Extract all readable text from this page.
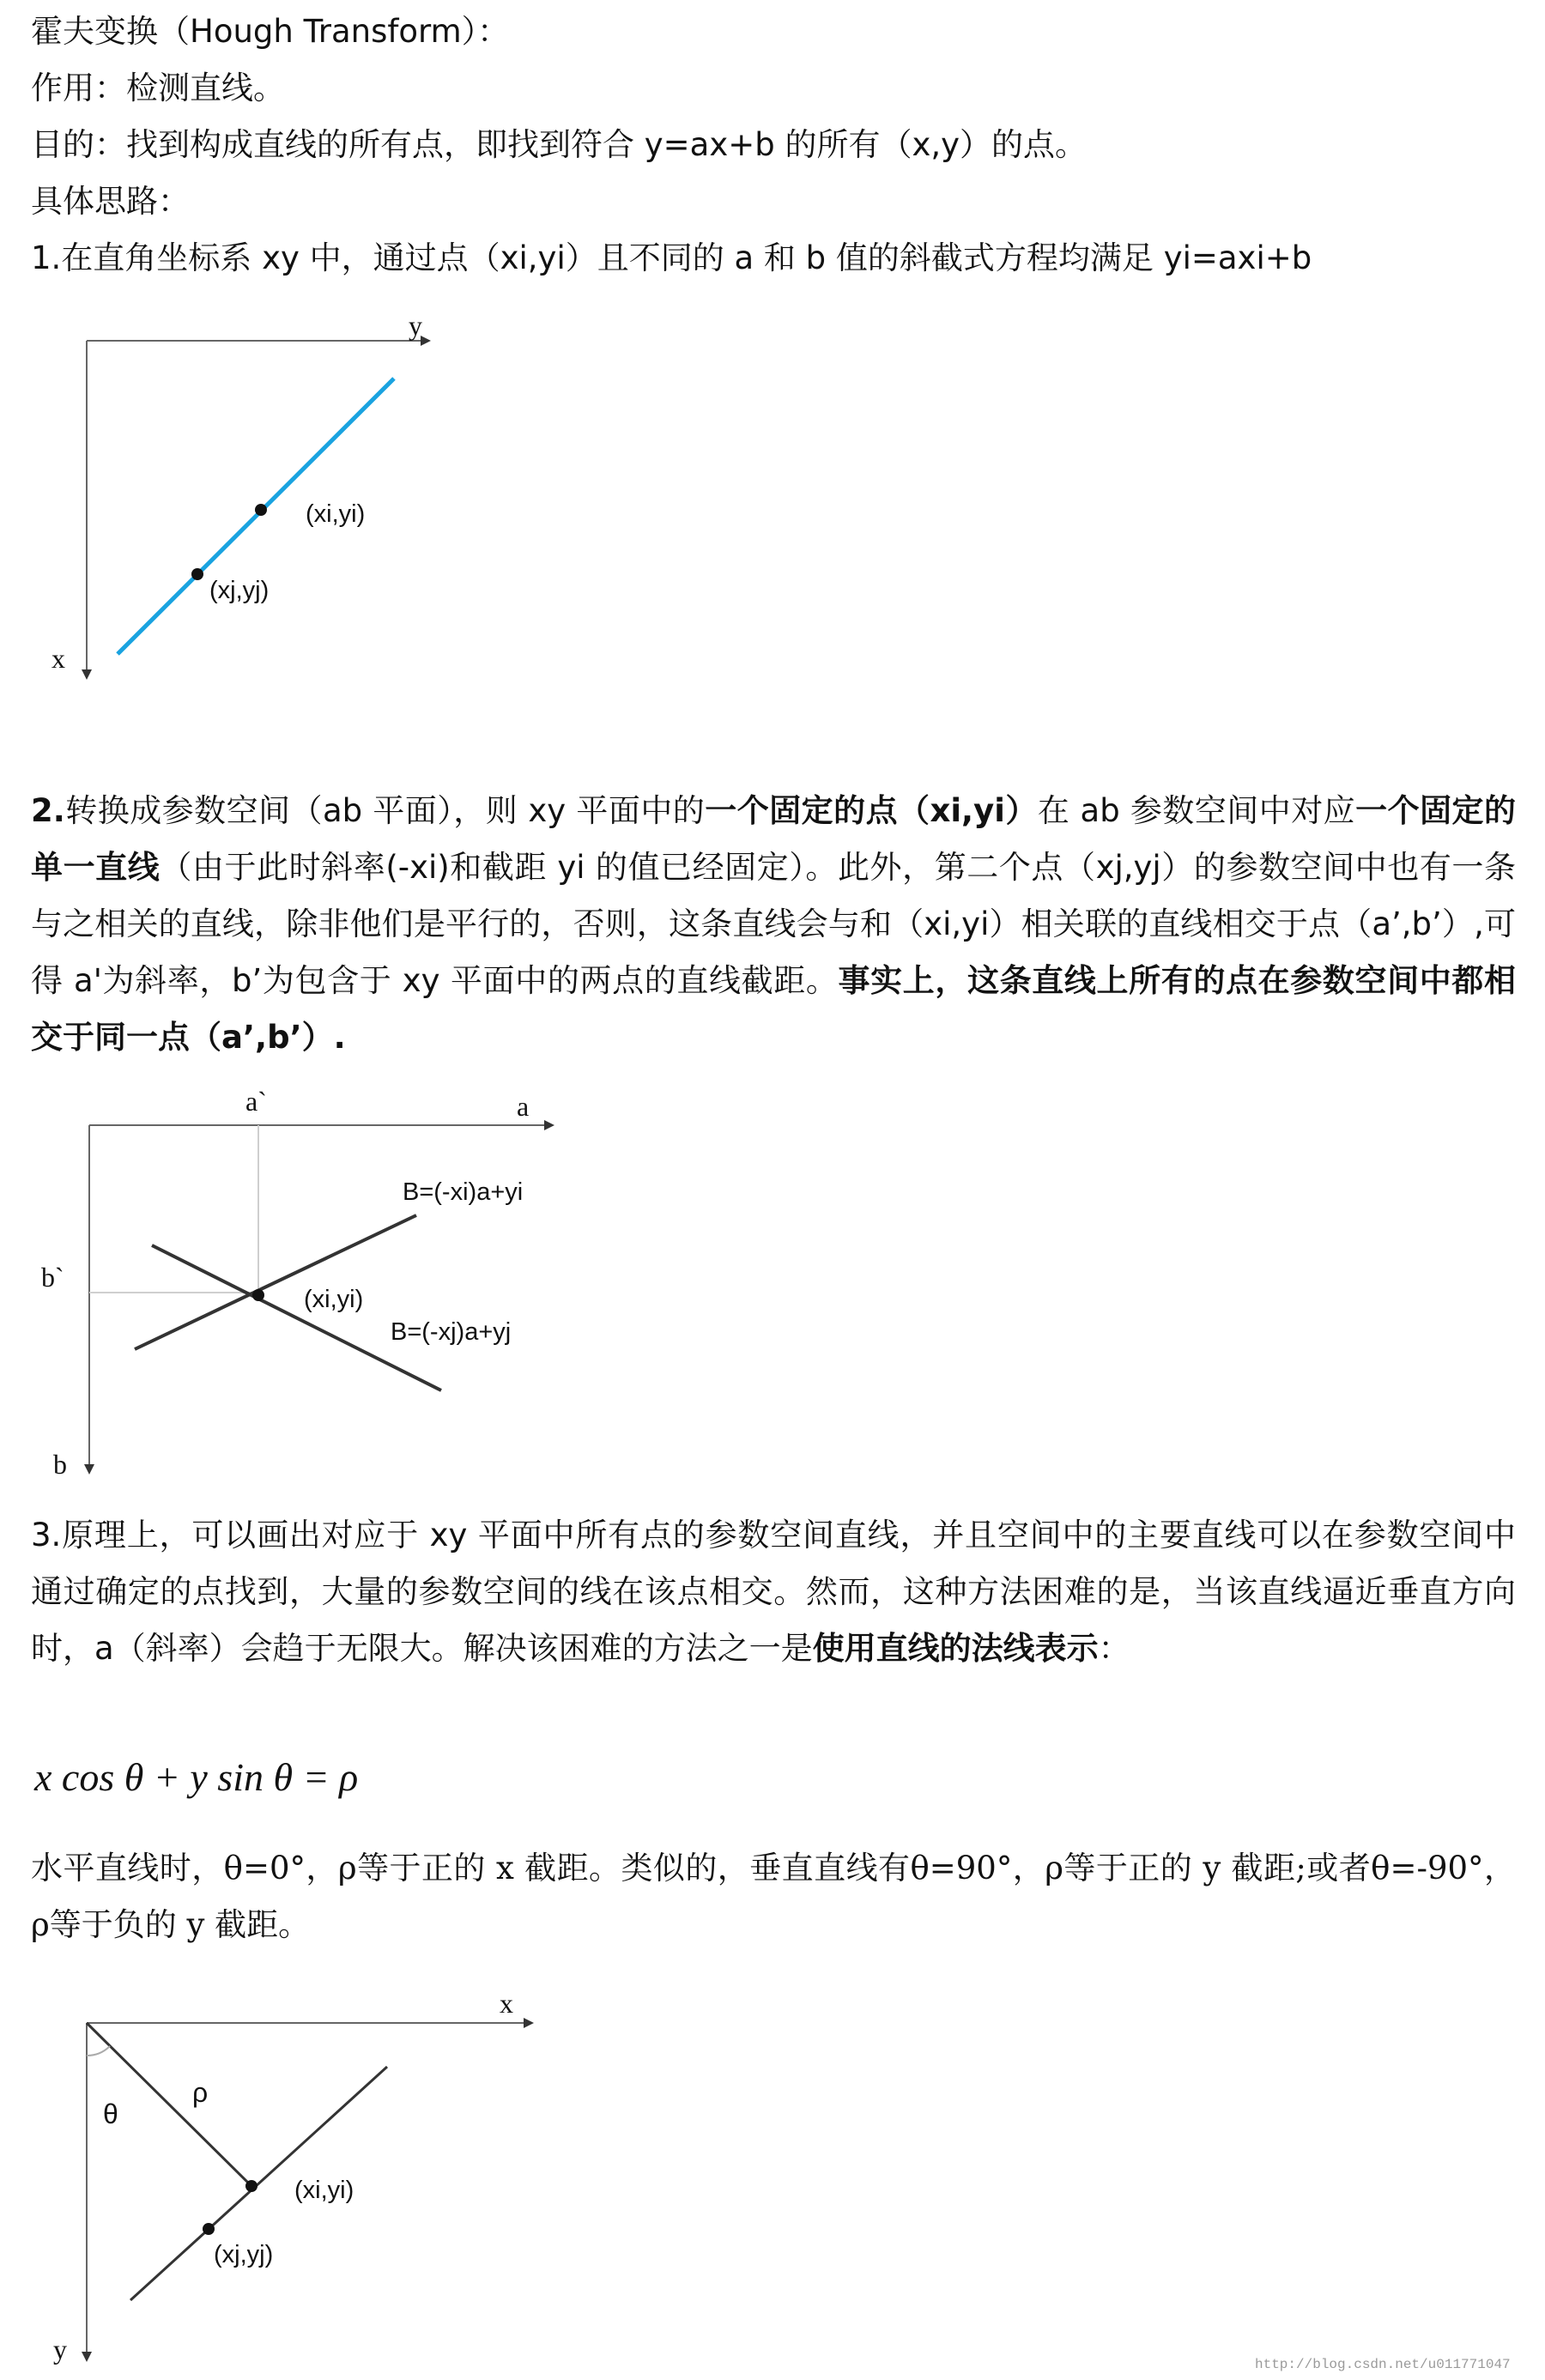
霍夫变换（Hough Transform）：
作用：检测直线。
目的：找到构成直线的所有点，即找到符合 y=ax+b 的所有（x,y）的点。
具体思路：
1.在直角坐标系 xy 中，通过点（xi,yi）且不同的 a 和 b 值的斜截式方程均满足 yi=axi+b
y
x
(xi,yi)
(xj,yj)
2.转换成参数空间（ab 平面），则 xy 平面中的一个固定的点（xi,yi）在 ab 参数空间中对应一个固定的单一直线（由于此时斜率(-xi)和截距 yi 的值已经固定）。此外，第二个点（xj,yj）的参数空间中也有一条与之相关的直线，除非他们是平行的，否则，这条直线会与和（xi,yi）相关联的直线相交于点（a’,b’）,可得 a'为斜率，b’为包含于 xy 平面中的两点的直线截距。事实上，这条直线上所有的点在参数空间中都相交于同一点（a’,b’）.
a`	a
b`
b
B=(-xi)a+yi
B=(-xj)a+yj
(xi,yi)
3.原理上，可以画出对应于 xy 平面中所有点的参数空间直线，并且空间中的主要直线可以在参数空间中通过确定的点找到，大量的参数空间的线在该点相交。然而，这种方法困难的是，当该直线逼近垂直方向时，a（斜率）会趋于无限大。解决该困难的方法之一是使用直线的法线表示：
x cos θ + y sin θ = ρ
水平直线时，θ=0°，ρ等于正的 x 截距。类似的，垂直直线有θ=90°，ρ等于正的 y 截距;或者θ=-90°，ρ等于负的 y 截距。
x
y
ρ
θ
(xi,yi)
(xj,yj)
http://blog.csdn.net/u011771047
